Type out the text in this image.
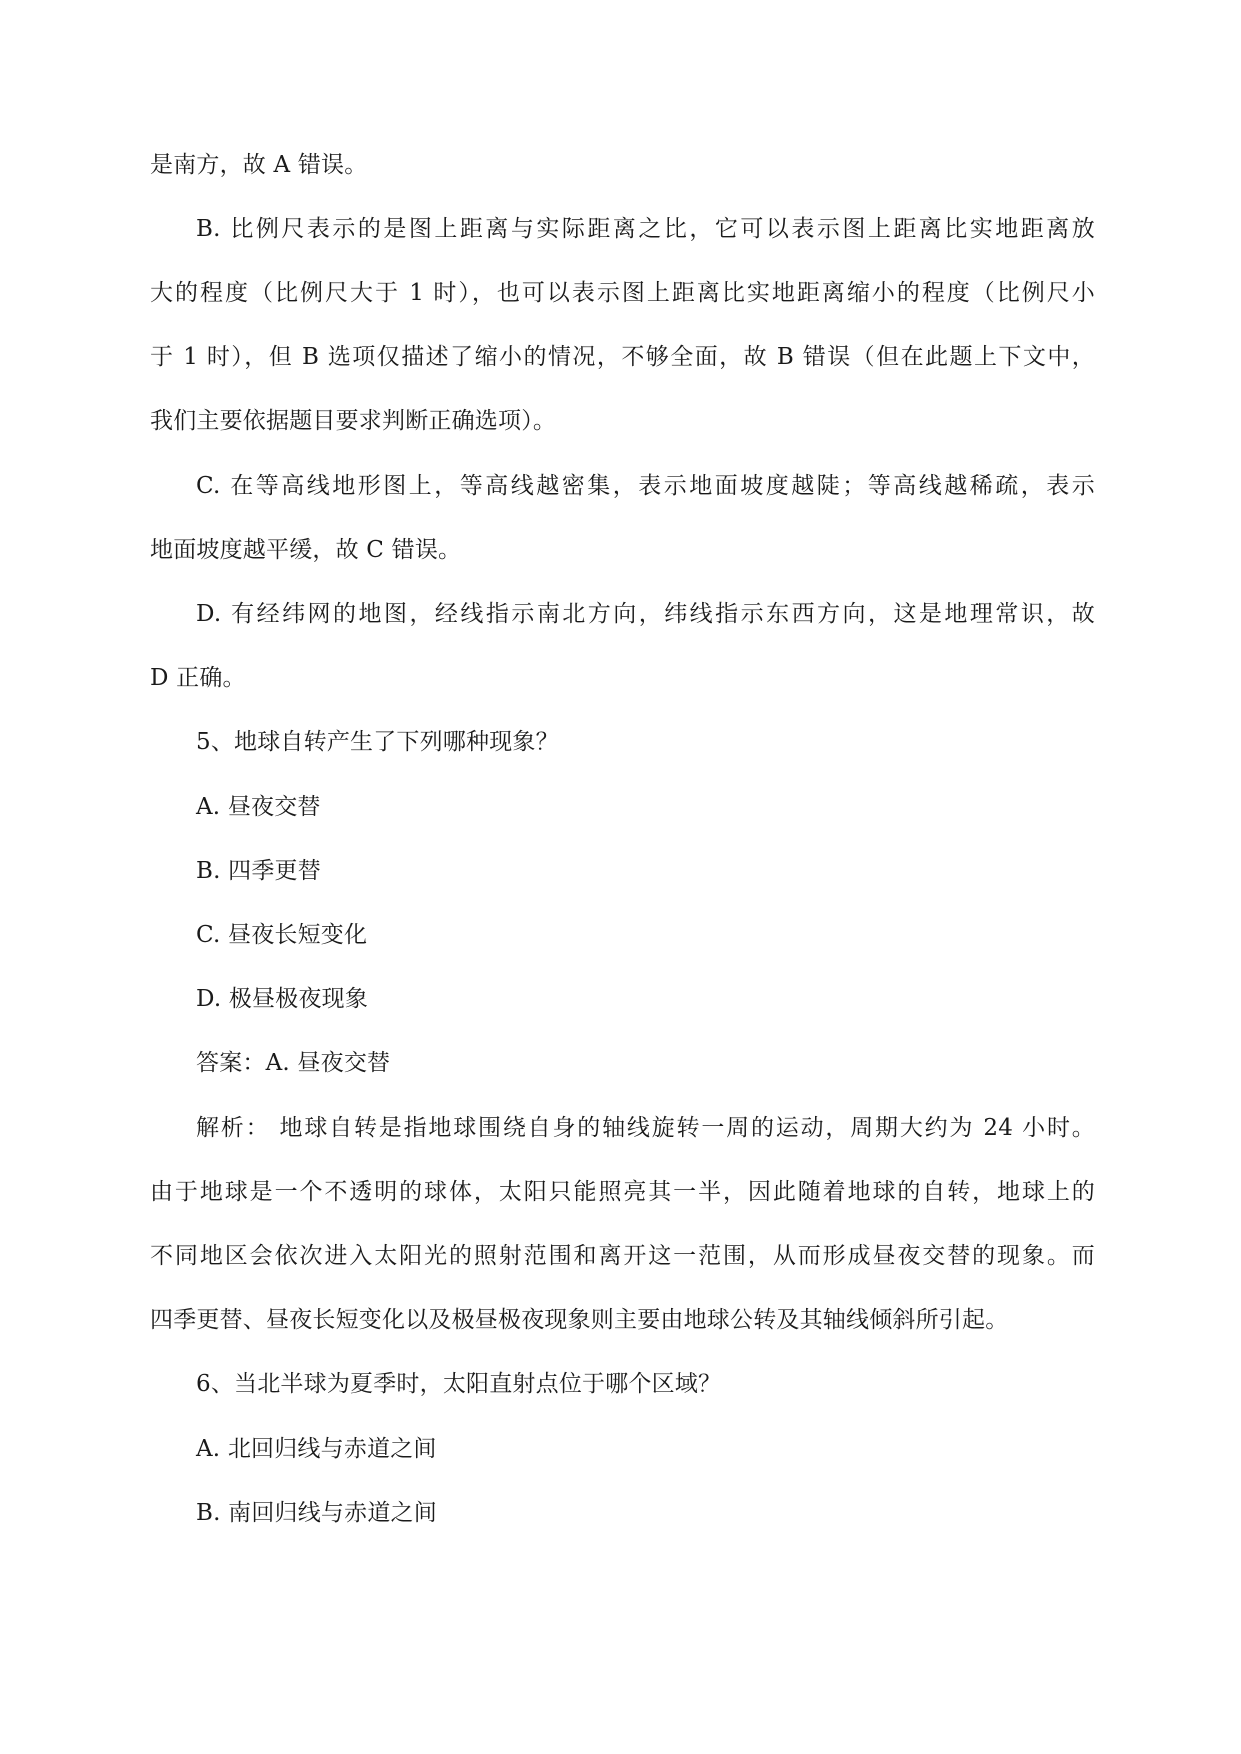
是南方，故 A 错误。
B. 比例尺表示的是图上距离与实际距离之比，它可以表示图上距离比实地距离放
大的程度（比例尺大于 1 时），也可以表示图上距离比实地距离缩小的程度（比例尺小
于 1 时），但 B 选项仅描述了缩小的情况，不够全面，故 B 错误（但在此题上下文中，
我们主要依据题目要求判断正确选项）。
C. 在等高线地形图上，等高线越密集，表示地面坡度越陡；等高线越稀疏，表示
地面坡度越平缓，故 C 错误。
D. 有经纬网的地图，经线指示南北方向，纬线指示东西方向，这是地理常识，故
D 正确。
5、地球自转产生了下列哪种现象？
A. 昼夜交替
B. 四季更替
C. 昼夜长短变化
D. 极昼极夜现象
答案：A. 昼夜交替
解析： 地球自转是指地球围绕自身的轴线旋转一周的运动，周期大约为 24 小时。
由于地球是一个不透明的球体，太阳只能照亮其一半，因此随着地球的自转，地球上的
不同地区会依次进入太阳光的照射范围和离开这一范围，从而形成昼夜交替的现象。而
四季更替、昼夜长短变化以及极昼极夜现象则主要由地球公转及其轴线倾斜所引起。
6、当北半球为夏季时，太阳直射点位于哪个区域？
A. 北回归线与赤道之间
B. 南回归线与赤道之间
